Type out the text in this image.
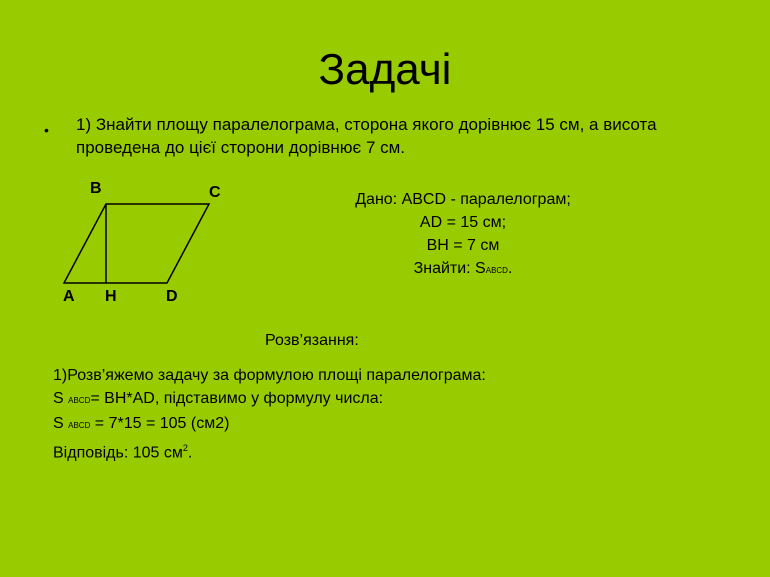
Задачі
• 1) Знайти площу паралелограма, сторона якого дорівнює 15 см, а висота проведена до цієї сторони дорівнює 7 см.
B	C
A H	D
Дано: ABCD - паралелограм;
AD = 15 см;
BH = 7 см
Знайти: SABCD.
Розв’язання:
1)Розв’яжемо задачу за формулою площі паралелограма:
S ABCD= BH*AD, підставимо у формулу числа:
S ABCD = 7*15 = 105 (см2)
Відповідь: 105 $см^2$.
